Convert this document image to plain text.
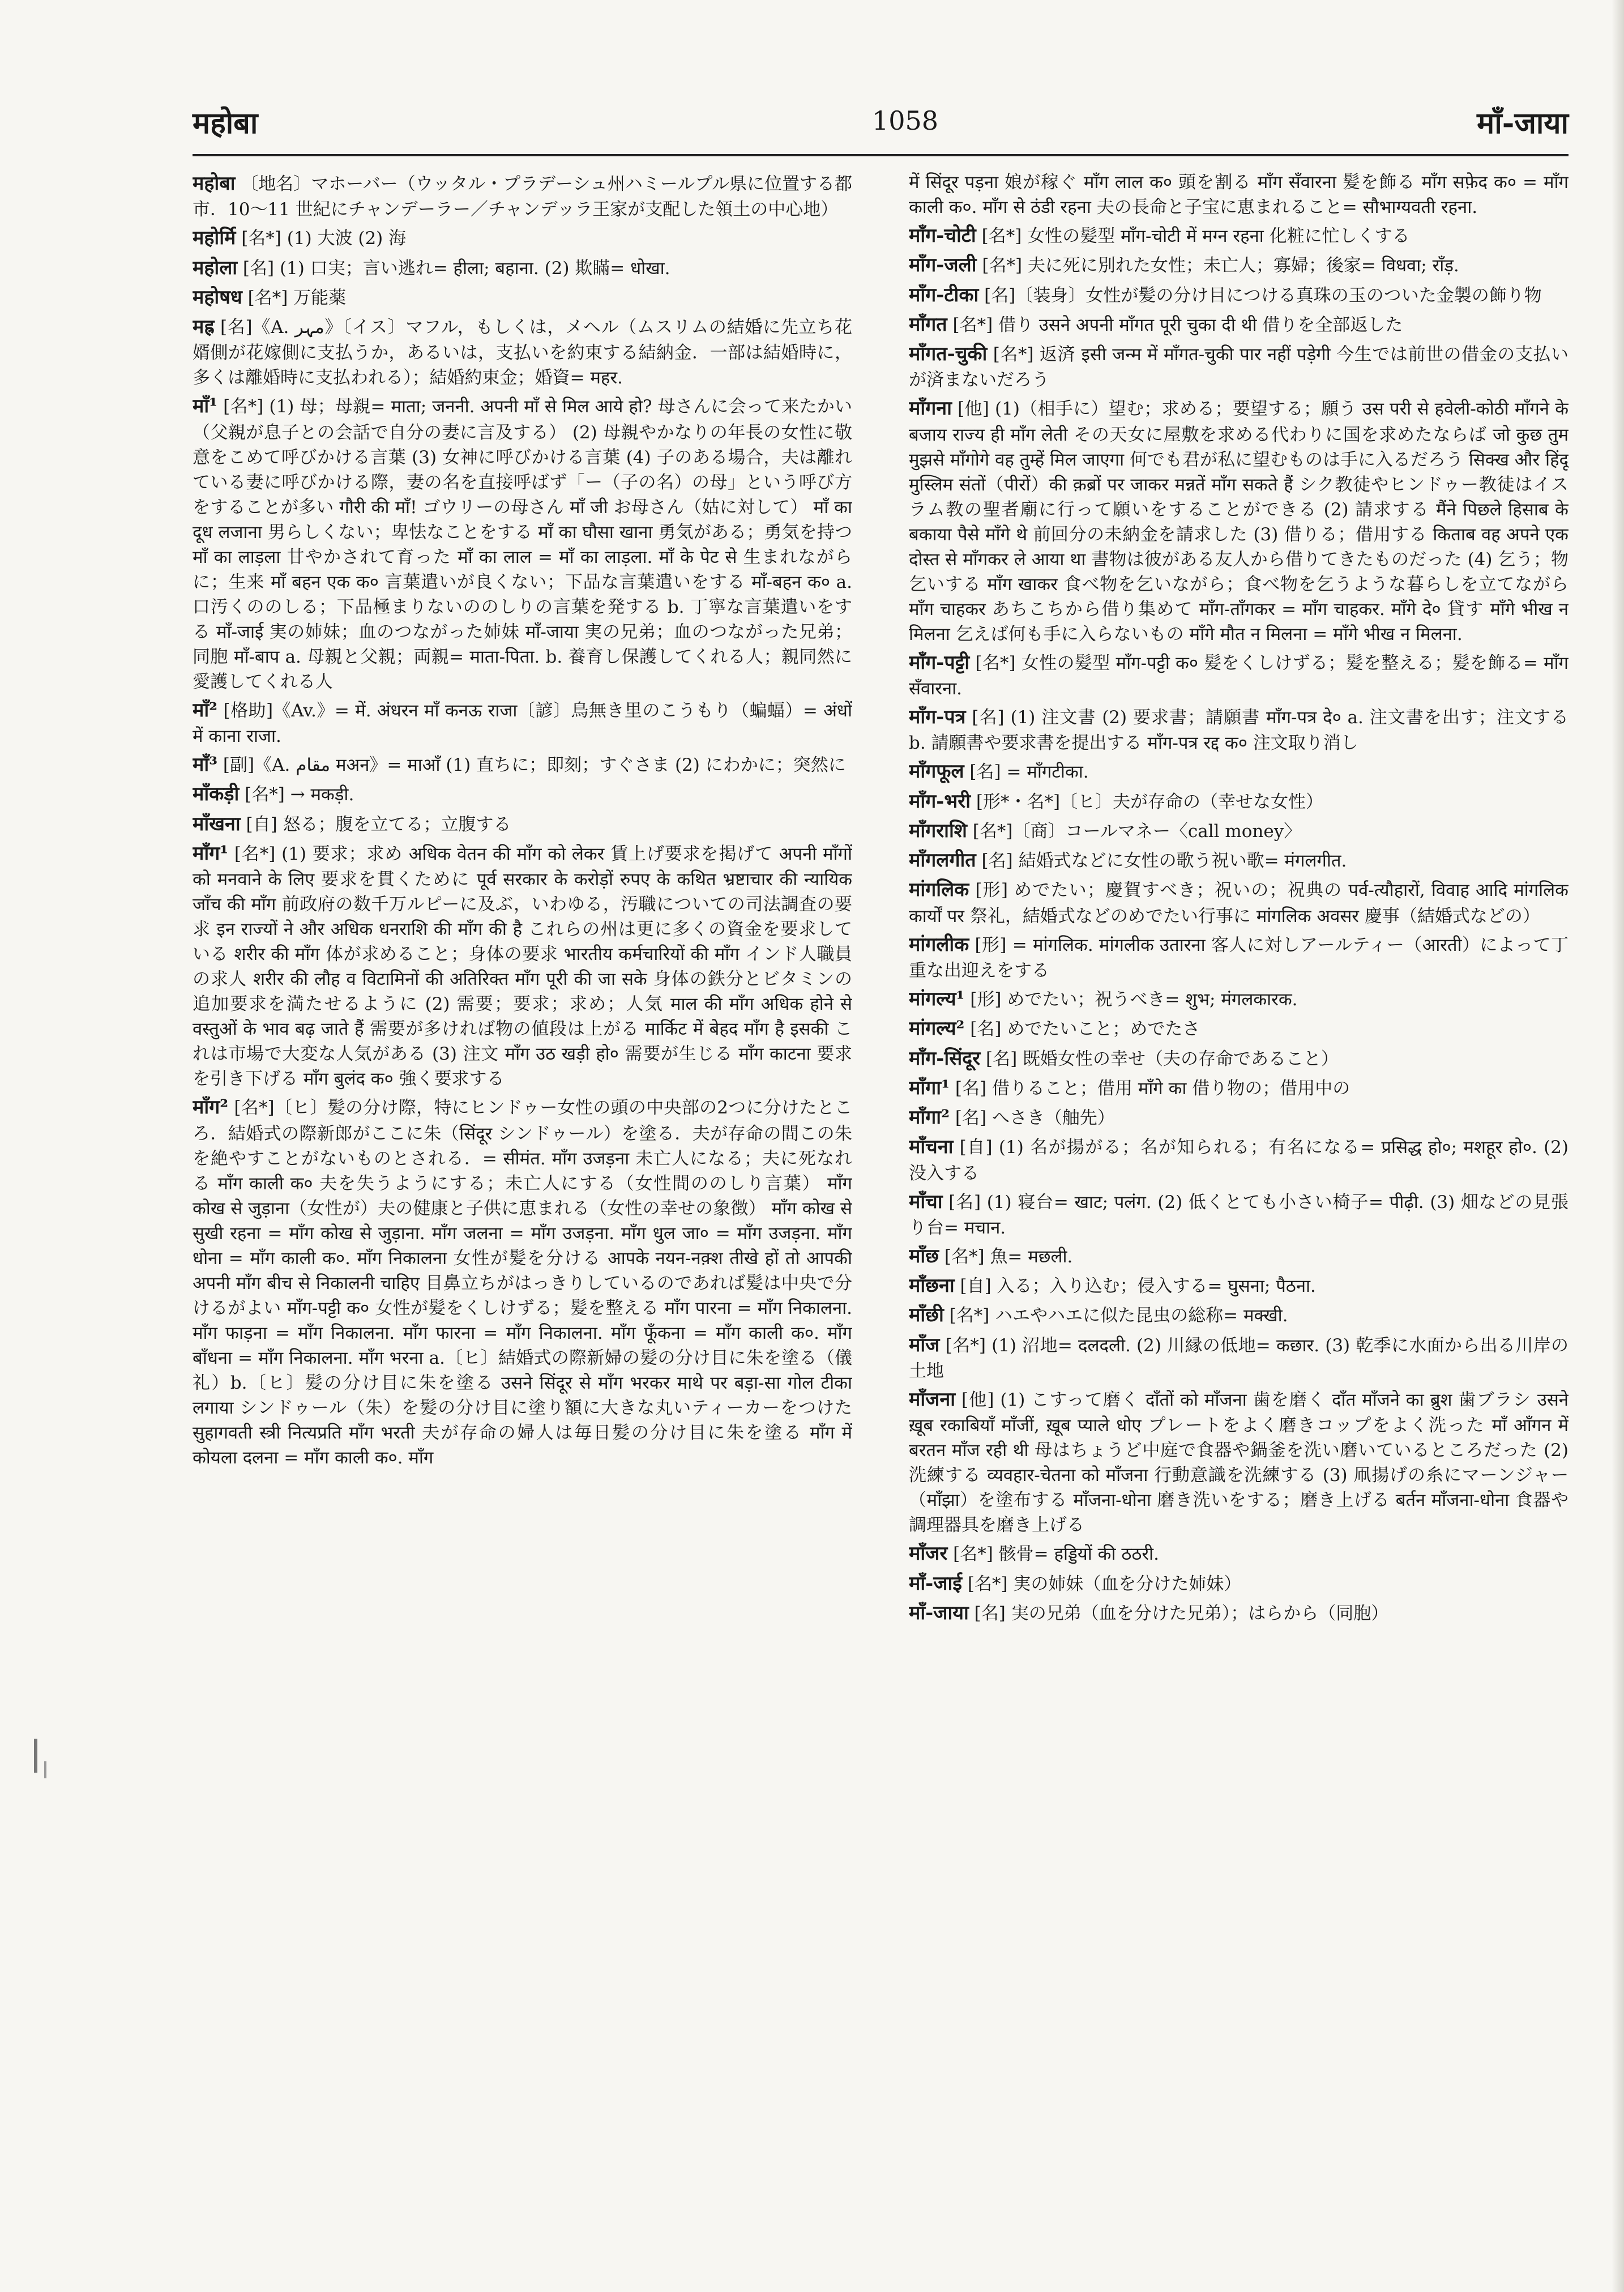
महोबा	1058	माँ-जाया
महोबा 〔地名〕マホーバー（ウッタル・プラデーシュ州ハミールプル県に位置する都市．10〜11 世紀にチャンデーラー／チャンデッラ王家が支配した領土の中心地）
महोर्मि [名*] (1) 大波 (2) 海
महोला [名] (1) 口実；言い逃れ= हीला; बहाना. (2) 欺瞞= धोखा.
महोषध [名*] 万能薬
मह्र [名]《A. مہر》〔イス〕マフル，もしくは，メヘル（ムスリムの結婚に先立ち花婿側が花嫁側に支払うか，あるいは，支払いを約束する結納金．一部は結婚時に，多くは離婚時に支払われる）；結婚約束金；婚資= महर.
माँ¹ [名*] (1) 母；母親= माता; जननी. अपनी माँ से मिल आये हो? 母さんに会って来たかい（父親が息子との会話で自分の妻に言及する） (2) 母親やかなりの年長の女性に敬意をこめて呼びかける言葉 (3) 女神に呼びかける言葉 (4) 子のある場合，夫は離れている妻に呼びかける際，妻の名を直接呼ばず「ー（子の名）の母」という呼び方をすることが多い गौरी की माँ! ゴウリーの母さん माँ जी お母さん（姑に対して） माँ का दूध लजाना 男らしくない；卑怯なことをする माँ का घौसा खाना 勇気がある；勇気を持つ माँ का लाड़ला 甘やかされて育った माँ का लाल = माँ का लाड़ला. माँ के पेट से 生まれながらに；生来 माँ बहन एक क० 言葉遣いが良くない；下品な言葉遣いをする माँ-बहन क० a. 口汚くののしる；下品極まりないののしりの言葉を発する b. 丁寧な言葉遣いをする माँ-जाई 実の姉妹；血のつながった姉妹 माँ-जाया 実の兄弟；血のつながった兄弟；同胞 माँ-बाप a. 母親と父親；両親= माता-पिता. b. 養育し保護してくれる人；親同然に愛護してくれる人
माँ² [格助]《Av.》= में. अंधरन माँ कनऊ राजा〔諺〕鳥無き里のこうもり（蝙蝠）= अंधों में काना राजा.
माँ³ [副]《A. مقام मअन》= माआँ (1) 直ちに；即刻；すぐさま (2) にわかに；突然に
माँकड़ी [名*] → मकड़ी.
माँखना [自] 怒る；腹を立てる；立腹する
माँग¹ [名*] (1) 要求；求め अधिक वेतन की माँग को लेकर 賃上げ要求を掲げて अपनी माँगों को मनवाने के लिए 要求を貫くために पूर्व सरकार के करोड़ों रुपए के कथित भ्रष्टाचार की न्यायिक जाँच की माँग 前政府の数千万ルピーに及ぶ，いわゆる，汚職についての司法調査の要求 इन राज्यों ने और अधिक धनराशि की माँग की है これらの州は更に多くの資金を要求している शरीर की माँग 体が求めること；身体の要求 भारतीय कर्मचारियों की माँग インド人職員の求人 शरीर की लौह व विटामिनों की अतिरिक्त माँग पूरी की जा सके 身体の鉄分とビタミンの追加要求を満たせるように (2) 需要；要求；求め；人気 माल की माँग अधिक होने से वस्तुओं के भाव बढ़ जाते हैं 需要が多ければ物の値段は上がる मार्किट में बेहद माँग है इसकी これは市場で大変な人気がある (3) 注文 माँग उठ खड़ी हो० 需要が生じる माँग काटना 要求を引き下げる माँग बुलंद क० 強く要求する
माँग² [名*]〔ヒ〕髪の分け際，特にヒンドゥー女性の頭の中央部の2つに分けたところ．結婚式の際新郎がここに朱（सिंदूर シンドゥール）を塗る．夫が存命の間この朱を絶やすことがないものとされる．= सीमंत. माँग उजड़ना 未亡人になる；夫に死なれる माँग काली क० 夫を失うようにする；未亡人にする（女性間ののしり言葉） माँग कोख से जुड़ाना（女性が）夫の健康と子供に恵まれる（女性の幸せの象徴） माँग कोख से सुखी रहना = माँग कोख से जुड़ाना. माँग जलना = माँग उजड़ना. माँग धुल जा० = माँग उजड़ना. माँग धोना = माँग काली क०. माँग निकालना 女性が髪を分ける आपके नयन-नक़्श तीखे हों तो आपकी अपनी माँग बीच से निकालनी चाहिए 目鼻立ちがはっきりしているのであれば髪は中央で分けるがよい माँग-पट्टी क० 女性が髪をくしけずる；髪を整える माँग पारना = माँग निकालना. माँग फाड़ना = माँग निकालना. माँग फारना = माँग निकालना. माँग फूँकना = माँग काली क०. माँग बाँधना = माँग निकालना. माँग भरना a.〔ヒ〕結婚式の際新婦の髪の分け目に朱を塗る（儀礼）b.〔ヒ〕髪の分け目に朱を塗る उसने सिंदूर से माँग भरकर माथे पर बड़ा-सा गोल टीका लगाया シンドゥール（朱）を髪の分け目に塗り額に大きな丸いティーカーをつけた सुहागवती स्त्री नित्यप्रति माँग भरती 夫が存命の婦人は毎日髪の分け目に朱を塗る माँग में कोयला दलना = माँग काली क०. माँग
में सिंदूर पड़ना 娘が稼ぐ माँग लाल क० 頭を割る माँग सँवारना 髪を飾る माँग सफ़ेद क० = माँग काली क०. माँग से ठंडी रहना 夫の長命と子宝に恵まれること= सौभाग्यवती रहना.
माँग-चोटी [名*] 女性の髪型 माँग-चोटी में मग्न रहना 化粧に忙しくする
माँग-जली [名*] 夫に死に別れた女性；未亡人；寡婦；後家= विधवा; राँड़.
माँग-टीका [名]〔装身〕女性が髪の分け目につける真珠の玉のついた金製の飾り物
माँगत [名*] 借り उसने अपनी माँगत पूरी चुका दी थी 借りを全部返した
माँगत-चुकी [名*] 返済 इसी जन्म में माँगत-चुकी पार नहीं पड़ेगी 今生では前世の借金の支払いが済まないだろう
माँगना [他] (1)（相手に）望む；求める；要望する；願う उस परी से हवेली-कोठी माँगने के बजाय राज्य ही माँग लेती その天女に屋敷を求める代わりに国を求めたならば जो कुछ तुम मुझसे माँगोगे वह तुम्हें मिल जाएगा 何でも君が私に望むものは手に入るだろう सिक्ख और हिंदू मुस्लिम संतों（पीरों）की क़ब्रों पर जाकर मन्नतें माँग सकते हैं シク教徒やヒンドゥー教徒はイスラム教の聖者廟に行って願いをすることができる (2) 請求する मैंने पिछले हिसाब के बकाया पैसे माँगे थे 前回分の未納金を請求した (3) 借りる；借用する किताब वह अपने एक दोस्त से माँगकर ले आया था 書物は彼がある友人から借りてきたものだった (4) 乞う；物乞いする माँग खाकर 食べ物を乞いながら；食べ物を乞うような暮らしを立てながら माँग चाहकर あちこちから借り集めて माँग-ताँगकर = माँग चाहकर. माँगे दे० 貸す माँगे भीख न मिलना 乞えば何も手に入らないもの माँगे मौत न मिलना = माँगे भीख न मिलना.
माँग-पट्टी [名*] 女性の髪型 माँग-पट्टी क० 髪をくしけずる；髪を整える；髪を飾る= माँग सँवारना.
माँग-पत्र [名] (1) 注文書 (2) 要求書；請願書 माँग-पत्र दे० a. 注文書を出す；注文する b. 請願書や要求書を提出する माँग-पत्र रद्द क० 注文取り消し
माँगफूल [名] = माँगटीका.
माँग-भरी [形*・名*]〔ヒ〕夫が存命の（幸せな女性）
माँगराशि [名*]〔商〕コールマネー〈call money〉
माँगलगीत [名] 結婚式などに女性の歌う祝い歌= मंगलगीत.
मांगलिक [形] めでたい；慶賀すべき；祝いの；祝典の पर्व-त्यौहारों, विवाह आदि मांगलिक कार्यों पर 祭礼，結婚式などのめでたい行事に मांगलिक अवसर 慶事（結婚式などの）
मांगलीक [形] = मांगलिक. मांगलीक उतारना 客人に対しアールティー（आरती）によって丁重な出迎えをする
मांगल्य¹ [形] めでたい；祝うべき= शुभ; मंगलकारक.
मांगल्य² [名] めでたいこと；めでたさ
माँग-सिंदूर [名] 既婚女性の幸せ（夫の存命であること）
माँगा¹ [名] 借りること；借用 माँगे का 借り物の；借用中の
माँगा² [名] へさき（舳先）
माँचना [自] (1) 名が揚がる；名が知られる；有名になる= प्रसिद्ध हो०; मशहूर हो०. (2) 没入する
माँचा [名] (1) 寝台= खाट; पलंग. (2) 低くとても小さい椅子= पीढ़ी. (3) 畑などの見張り台= मचान.
माँछ [名*] 魚= मछली.
माँछना [自] 入る；入り込む；侵入する= घुसना; पैठना.
माँछी [名*] ハエやハエに似た昆虫の総称= मक्खी.
माँज [名*] (1) 沼地= दलदली. (2) 川縁の低地= कछार. (3) 乾季に水面から出る川岸の土地
माँजना [他] (1) こすって磨く दाँतों को माँजना 歯を磨く दाँत माँजने का ब्रुश 歯ブラシ उसने ख़ूब रकाबियाँ माँजीं, ख़ूब प्याले धोए プレートをよく磨きコップをよく洗った माँ आँगन में बरतन माँज रही थी 母はちょうど中庭で食器や鍋釜を洗い磨いているところだった (2) 洗練する व्यवहार-चेतना को माँजना 行動意識を洗練する (3) 凧揚げの糸にマーンジャー（माँझा）を塗布する माँजना-धोना 磨き洗いをする；磨き上げる बर्तन माँजना-धोना 食器や調理器具を磨き上げる
माँजर [名*] 骸骨= हड्डियों की ठठरी.
माँ-जाई [名*] 実の姉妹（血を分けた姉妹）
माँ-जाया [名] 実の兄弟（血を分けた兄弟）；はらから（同胞）
